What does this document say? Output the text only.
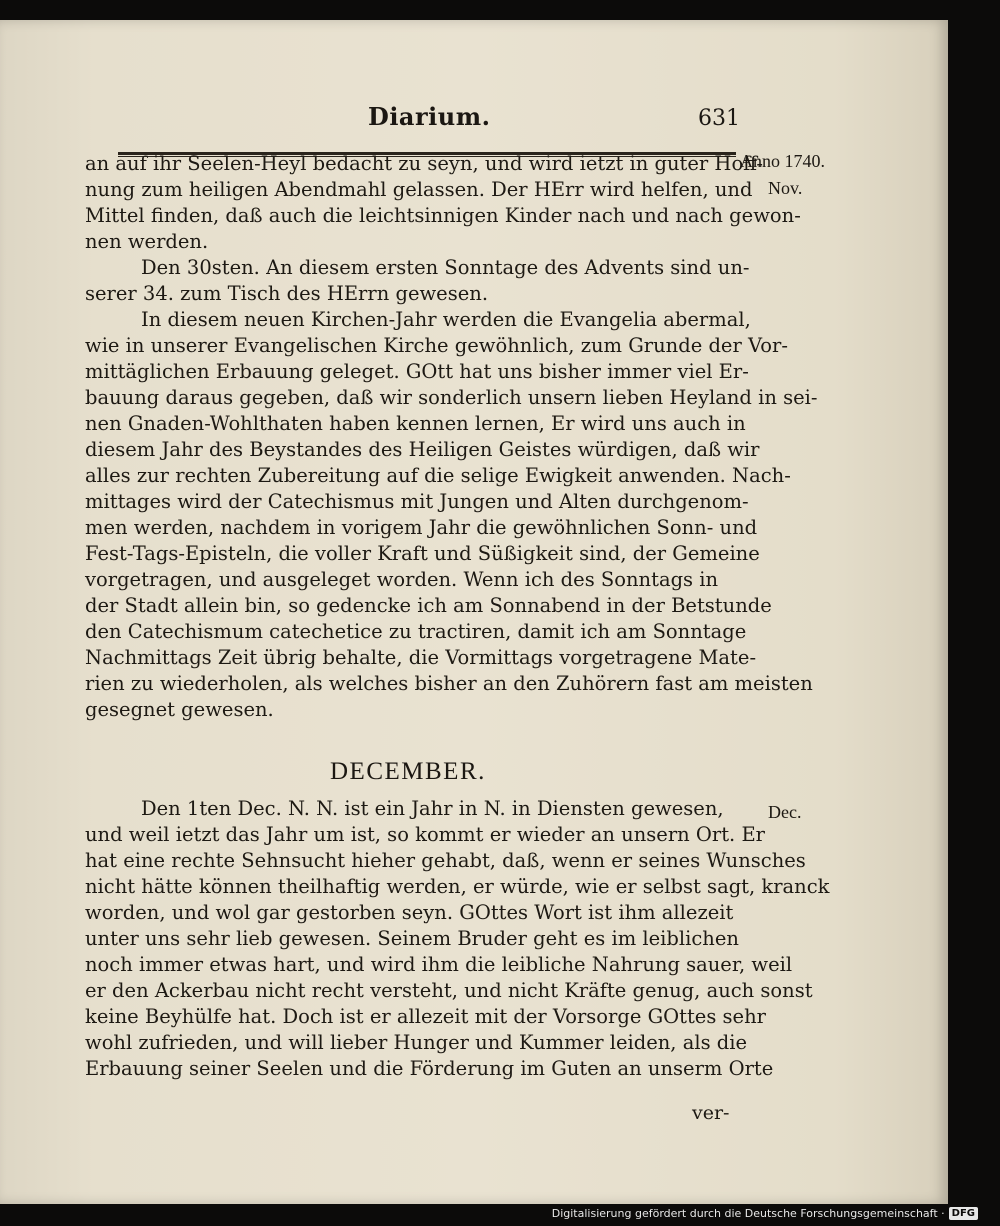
Diarium.	631
Anno 1740.
Nov.
an auf ihr Seelen-Heyl bedacht zu seyn, und wird ietzt in guter Hoff-
nung zum heiligen Abendmahl gelassen. Der HErr wird helfen, und
Mittel finden, daß auch die leichtsinnigen Kinder nach und nach gewon-
nen werden.
Den 30sten. An diesem ersten Sonntage des Advents sind un-
serer 34. zum Tisch des HErrn gewesen.
In diesem neuen Kirchen-Jahr werden die Evangelia abermal,
wie in unserer Evangelischen Kirche gewöhnlich, zum Grunde der Vor-
mittäglichen Erbauung geleget. GOtt hat uns bisher immer viel Er-
bauung daraus gegeben, daß wir sonderlich unsern lieben Heyland in sei-
nen Gnaden-Wohlthaten haben kennen lernen, Er wird uns auch in
diesem Jahr des Beystandes des Heiligen Geistes würdigen, daß wir
alles zur rechten Zubereitung auf die selige Ewigkeit anwenden. Nach-
mittages wird der Catechismus mit Jungen und Alten durchgenom-
men werden, nachdem in vorigem Jahr die gewöhnlichen Sonn- und
Fest-Tags-Episteln, die voller Kraft und Süßigkeit sind, der Gemeine
vorgetragen, und ausgeleget worden. Wenn ich des Sonntags in
der Stadt allein bin, so gedencke ich am Sonnabend in der Betstunde
den Catechismum catechetice zu tractiren, damit ich am Sonntage
Nachmittags Zeit übrig behalte, die Vormittags vorgetragene Mate-
rien zu wiederholen, als welches bisher an den Zuhörern fast am meisten
gesegnet gewesen.
DECEMBER.
Dec.
Den 1ten Dec. N. N. ist ein Jahr in N. in Diensten gewesen,
und weil ietzt das Jahr um ist, so kommt er wieder an unsern Ort. Er
hat eine rechte Sehnsucht hieher gehabt, daß, wenn er seines Wunsches
nicht hätte können theilhaftig werden, er würde, wie er selbst sagt, kranck
worden, und wol gar gestorben seyn. GOttes Wort ist ihm allezeit
unter uns sehr lieb gewesen. Seinem Bruder geht es im leiblichen
noch immer etwas hart, und wird ihm die leibliche Nahrung sauer, weil
er den Ackerbau nicht recht versteht, und nicht Kräfte genug, auch sonst
keine Beyhülfe hat. Doch ist er allezeit mit der Vorsorge GOttes sehr
wohl zufrieden, und will lieber Hunger und Kummer leiden, als die
Erbauung seiner Seelen und die Förderung im Guten an unserm Orte
ver-
Digitalisierung gefördert durch die Deutsche Forschungsgemeinschaft · DFG
